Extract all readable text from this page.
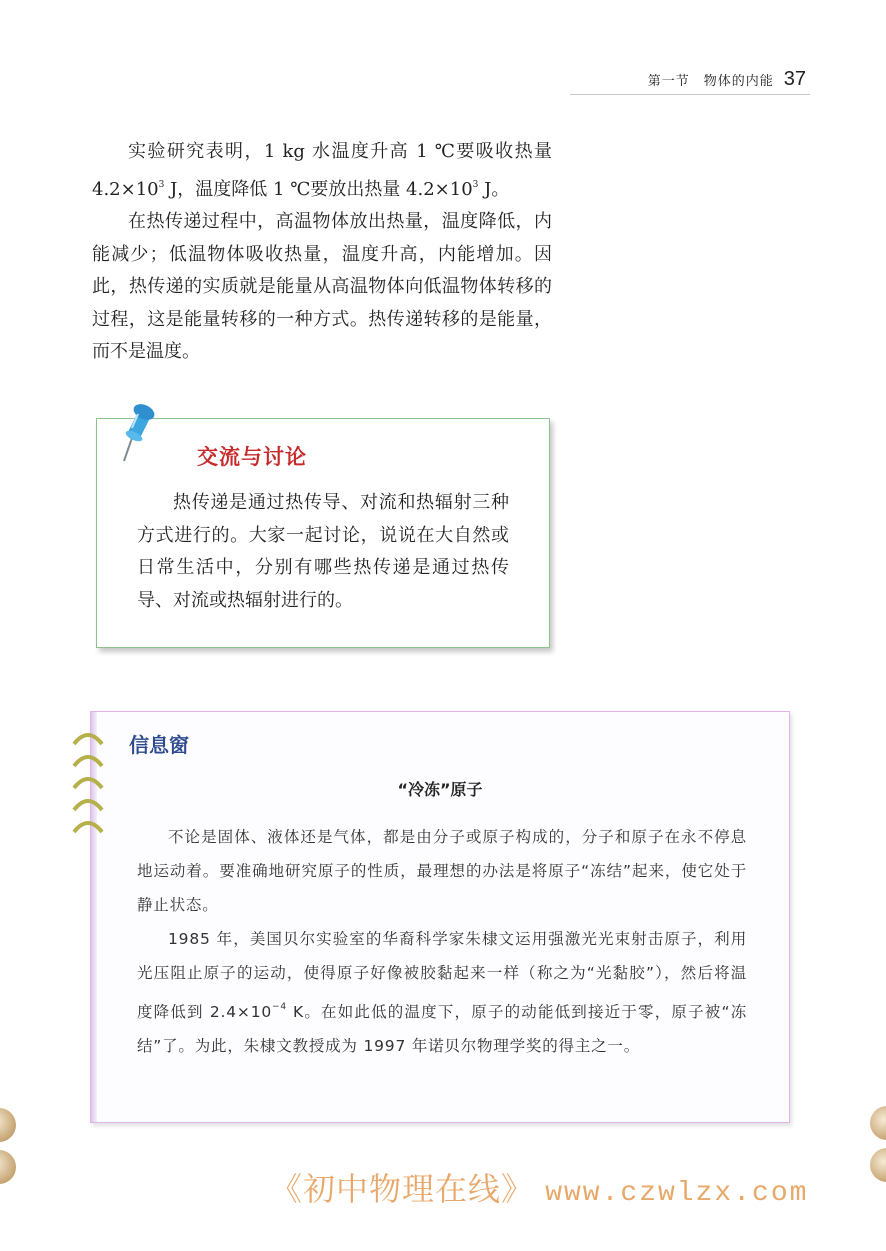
第一节　物体的内能 37

实验研究表明，1 kg 水温度升高 1 ℃要吸收热量 $4.2\times 10^3$ J，温度降低 1 ℃要放出热量 $4.2\times 10^3$ J。

在热传递过程中，高温物体放出热量，温度降低，内能减少；低温物体吸收热量，温度升高，内能增加。因此，热传递的实质就是能量从高温物体向低温物体转移的过程，这是能量转移的一种方式。热传递转移的是能量，而不是温度。

交流与讨论

热传递是通过热传导、对流和热辐射三种方式进行的。大家一起讨论，说说在大自然或日常生活中，分别有哪些热传递是通过热传导、对流或热辐射进行的。

信息窗
“冷冻”原子

不论是固体、液体还是气体，都是由分子或原子构成的，分子和原子在永不停息地运动着。要准确地研究原子的性质，最理想的办法是将原子“冻结”起来，使它处于静止状态。

1985 年，美国贝尔实验室的华裔科学家朱棣文运用强激光光束射击原子，利用光压阻止原子的运动，使得原子好像被胶黏起来一样（称之为“光黏胶”），然后将温度降低到 $2.4\times 10^{-4}$ K。在如此低的温度下，原子的动能低到接近于零，原子被“冻结”了。为此，朱棣文教授成为 1997 年诺贝尔物理学奖的得主之一。

《初中物理在线》 www.czwlzx.com
